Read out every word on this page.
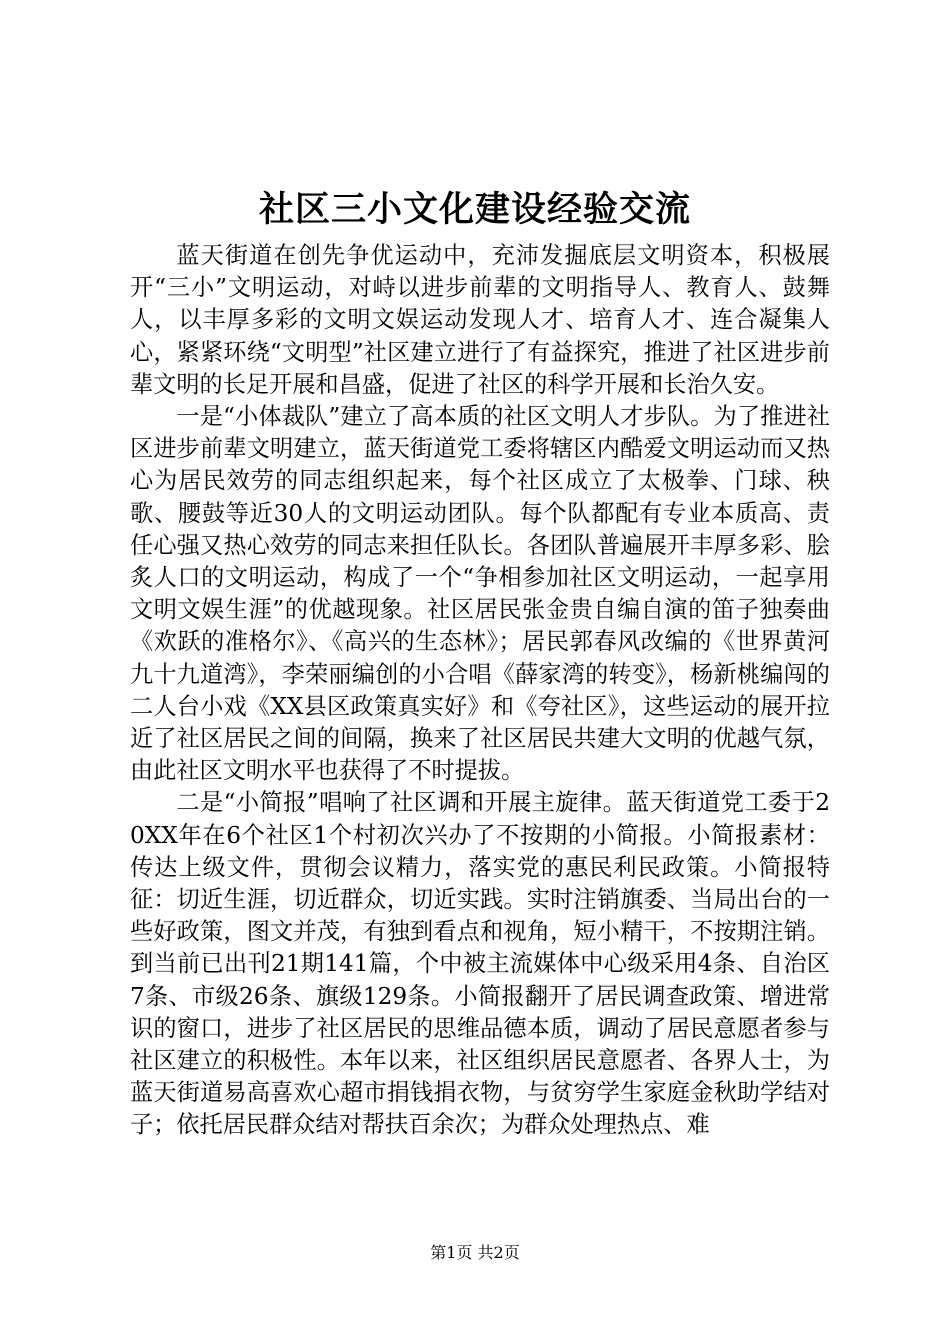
社区三小文化建设经验交流

蓝天街道在创先争优运动中，充沛发掘底层文明资本，积极展开“三小”文明运动，对峙以进步前辈的文明指导人、教育人、鼓舞人，以丰厚多彩的文明文娱运动发现人才、培育人才、连合凝集人心，紧紧环绕“文明型”社区建立进行了有益探究，推进了社区进步前辈文明的长足开展和昌盛，促进了社区的科学开展和长治久安。

一是“小体裁队”建立了高本质的社区文明人才步队。为了推进社区进步前辈文明建立，蓝天街道党工委将辖区内酷爱文明运动而又热心为居民效劳的同志组织起来，每个社区成立了太极拳、门球、秧歌、腰鼓等近30人的文明运动团队。每个队都配有专业本质高、责任心强又热心效劳的同志来担任队长。各团队普遍展开丰厚多彩、脍炙人口的文明运动，构成了一个“争相参加社区文明运动，一起享用文明文娱生涯”的优越现象。社区居民张金贵自编自演的笛子独奏曲《欢跃的准格尔》、《高兴的生态林》；居民郭春风改编的《世界黄河九十九道湾》，李荣丽编创的小合唱《薛家湾的转变》，杨新桃编闯的二人台小戏《XX县区政策真实好》和《夸社区》，这些运动的展开拉近了社区居民之间的间隔，换来了社区居民共建大文明的优越气氛，由此社区文明水平也获得了不时提拔。

二是“小简报”唱响了社区调和开展主旋律。蓝天街道党工委于20XX年在6个社区1个村初次兴办了不按期的小简报。小简报素材：传达上级文件，贯彻会议精力，落实党的惠民利民政策。小简报特征：切近生涯，切近群众，切近实践。实时注销旗委、当局出台的一些好政策，图文并茂，有独到看点和视角，短小精干，不按期注销。到当前已出刊21期141篇，个中被主流媒体中心级采用4条、自治区7条、市级26条、旗级129条。小简报翻开了居民调查政策、增进常识的窗口，进步了社区居民的思维品德本质，调动了居民意愿者参与社区建立的积极性。本年以来，社区组织居民意愿者、各界人士，为蓝天街道易高喜欢心超市捐钱捐衣物，与贫穷学生家庭金秋助学结对子；依托居民群众结对帮扶百余次；为群众处理热点、难

第1页 共2页
